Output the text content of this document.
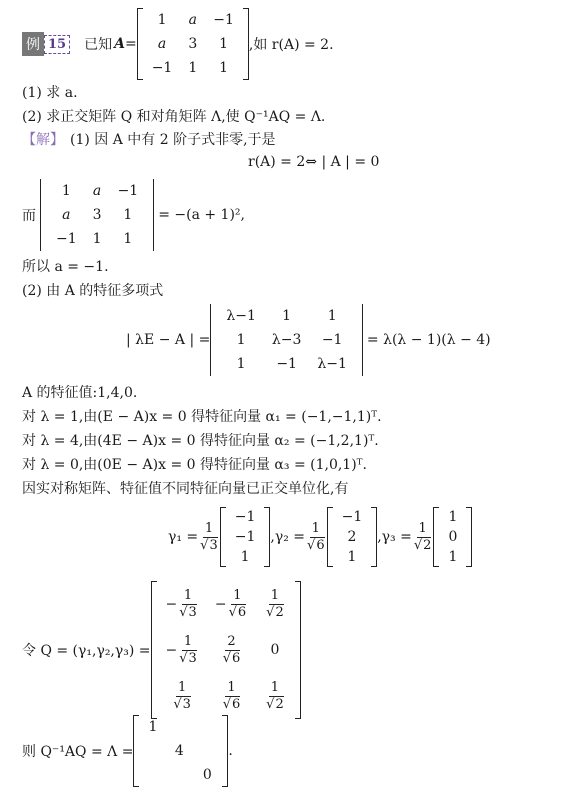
例 15 已知 A =
1	a	−1
a	3	1
−1	1	1
,如 r(A) = 2.
(1) 求 a.
(2) 求正交矩阵 Q 和对角矩阵 Λ,使 Q⁻¹AQ = Λ.
【解】 (1) 因 A 中有 2 阶子式非零,于是
r(A) = 2⇔ | A | = 0
而
1	a	−1
a	3	1
−1	1	1
= −(a + 1)²,
所以 a = −1.
(2) 由 A 的特征多项式
| λE − A | =
λ−1	1	1
1	λ−3	−1
1	−1	λ−1
= λ(λ − 1)(λ − 4)
A 的特征值:1,4,0.
对 λ = 1,由(E − A)x = 0 得特征向量 α₁ = (−1,−1,1)ᵀ.
对 λ = 4,由(4E − A)x = 0 得特征向量 α₂ = (−1,2,1)ᵀ.
对 λ = 0,由(0E − A)x = 0 得特征向量 α₃ = (1,0,1)ᵀ.
因实对称矩阵、特征值不同特征向量已正交单位化,有
$\gamma_1 = \frac{1}{√3}$
−1
−1
1
$,\gamma_2 = \frac{1}{√6}$
−1
2
1
$,\gamma_3 = \frac{1}{√2}$
1
0
1
令 Q = (γ₁,γ₂,γ₃) =
− $\frac{1}{√3}$	− $\frac{1}{√6}$	$\frac{1}{√2}$

− $\frac{1}{√3}$	$\frac{2}{√6}$	0

$\frac{1}{√3}$	$\frac{1}{√6}$	$\frac{1}{√2}$
则 Q⁻¹AQ = Λ =
1		
	4	
		0
.
